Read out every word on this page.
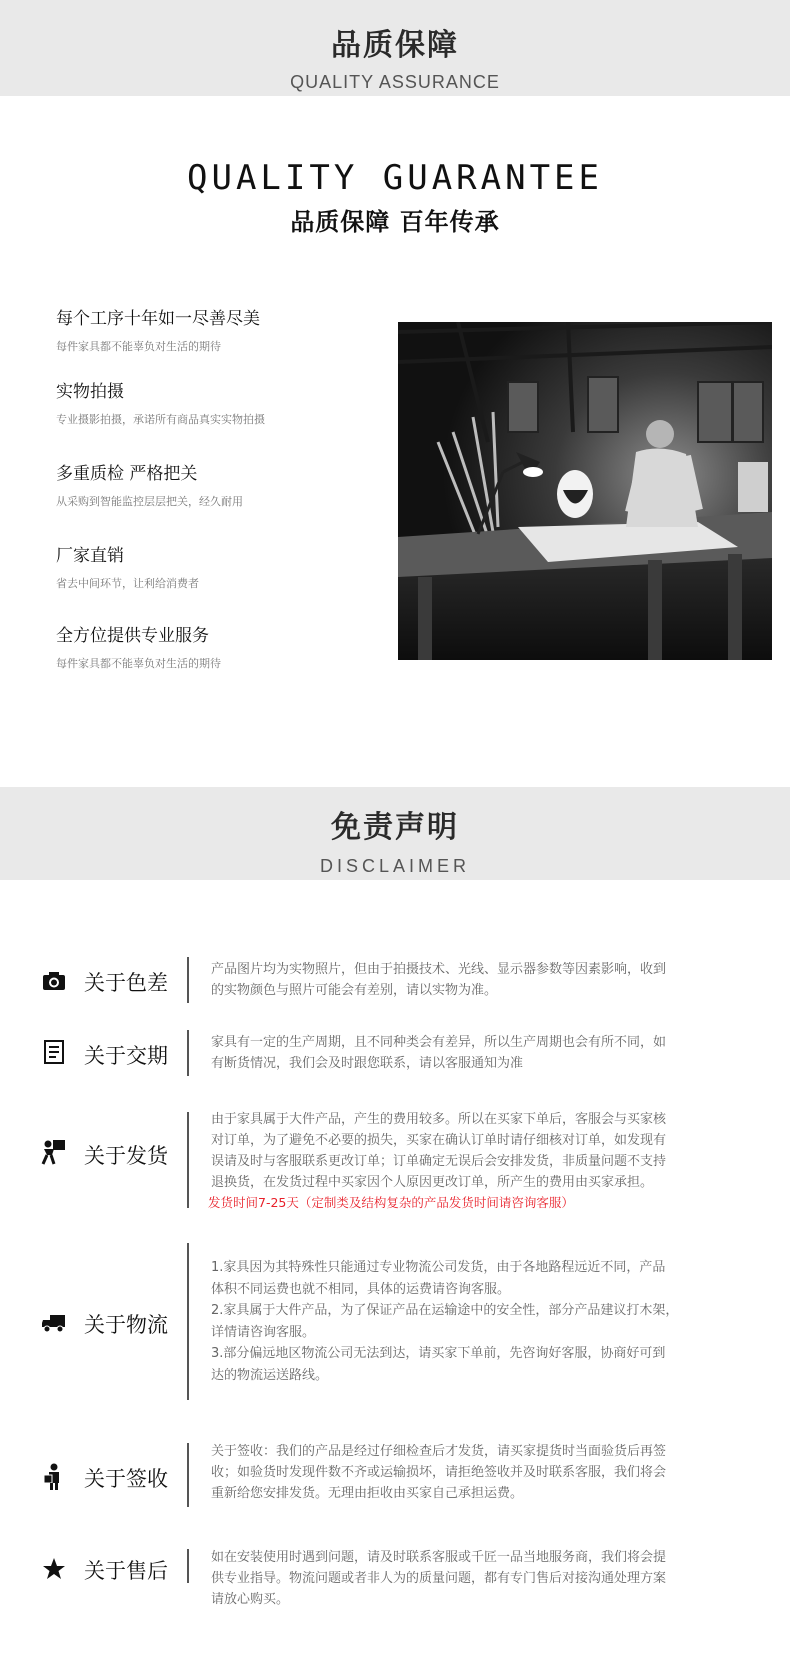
品质保障
QUALITY ASSURANCE
QUALITY GUARANTEE
品质保障 百年传承
每个工序十年如一尽善尽美
每件家具都不能辜负对生活的期待
实物拍摄
专业摄影拍摄，承诺所有商品真实实物拍摄
多重质检 严格把关
从采购到智能监控层层把关，经久耐用
厂家直销
省去中间环节，让利给消费者
全方位提供专业服务
每件家具都不能辜负对生活的期待
免责声明
DISCLAIMER
关于色差
产品图片均为实物照片，但由于拍摄技术、光线、显示器参数等因素影响，收到
的实物颜色与照片可能会有差别，请以实物为准。
关于交期
家具有一定的生产周期，且不同种类会有差异，所以生产周期也会有所不同，如
有断货情况，我们会及时跟您联系，请以客服通知为准
关于发货
由于家具属于大件产品，产生的费用较多。所以在买家下单后，客服会与买家核
对订单，为了避免不必要的损失，买家在确认订单时请仔细核对订单，如发现有
误请及时与客服联系更改订单；订单确定无误后会安排发货，非质量问题不支持
退换货，在发货过程中买家因个人原因更改订单，所产生的费用由买家承担。
发货时间7-25天（定制类及结构复杂的产品发货时间请咨询客服）
关于物流
1.家具因为其特殊性只能通过专业物流公司发货，由于各地路程远近不同，产品
体积不同运费也就不相同，具体的运费请咨询客服。
2.家具属于大件产品，为了保证产品在运输途中的安全性，部分产品建议打木架，
详情请咨询客服。
3.部分偏远地区物流公司无法到达，请买家下单前，先咨询好客服，协商好可到
达的物流运送路线。
关于签收
关于签收：我们的产品是经过仔细检查后才发货，请买家提货时当面验货后再签
收；如验货时发现件数不齐或运输损坏，请拒绝签收并及时联系客服，我们将会
重新给您安排发货。无理由拒收由买家自己承担运费。
关于售后
如在安装使用时遇到问题，请及时联系客服或千匠一品当地服务商，我们将会提
供专业指导。物流问题或者非人为的质量问题，都有专门售后对接沟通处理方案
请放心购买。
